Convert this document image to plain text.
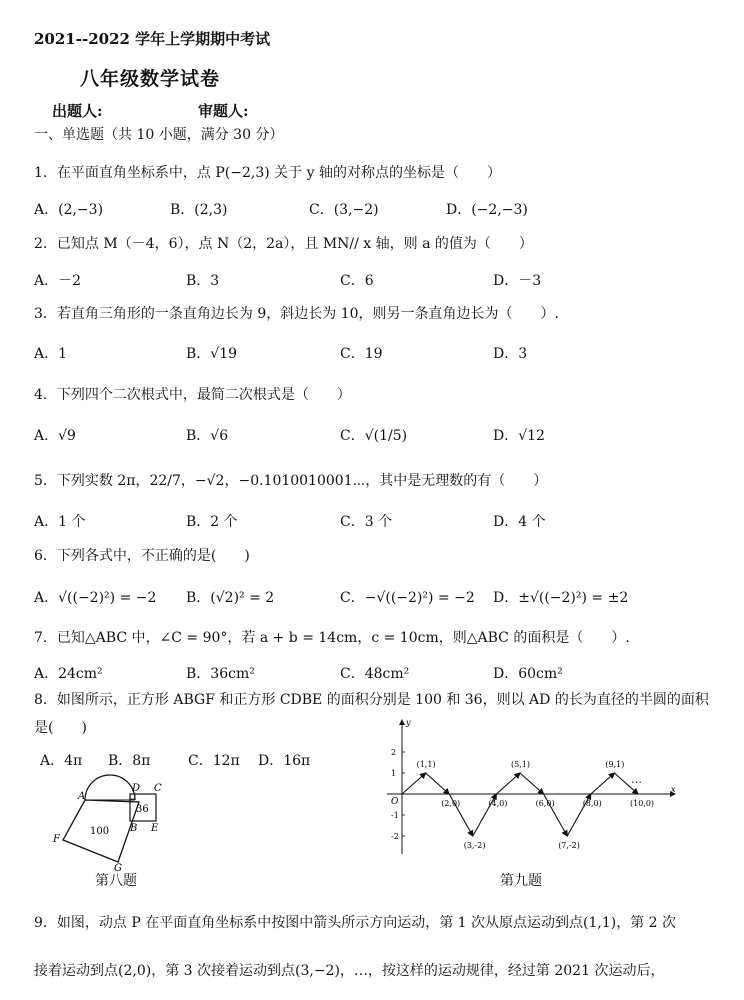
2021--2022 学年上学期期中考试
八年级数学试卷
出题人:	审题人:
一、单选题（共 10 小题，满分 30 分）
1．在平面直角坐标系中，点 P(−2,3) 关于 y 轴的对称点的坐标是（　　）
A．(2,−3)	B．(2,3)	C．(3,−2)	D．(−2,−3)
2．已知点 M（－4，6），点 N（2，2a），且 MN// x 轴，则 a 的值为（　　）
A．－2	B．3	C．6	D．－3
3．若直角三角形的一条直角边长为 9，斜边长为 10，则另一条直角边长为（　　）.
A．1	B．√19	C．19	D．3
4．下列四个二次根式中，最简二次根式是（　　）
A．√9	B．√6	C．√(1/5)	D．√12
5．下列实数 2π，22/7，−√2，−0.1010010001⋯，其中是无理数的有（　　）
A．1 个	B．2 个	C．3 个	D．4 个
6．下列各式中，不正确的是(　　)
A．√((−2)²) = −2 B．(√2)² = 2	C．−√((−2)²) = −2 D．±√((−2)²) = ±2
7．已知△ABC 中，∠C = 90°，若 a + b = 14cm，c = 10cm，则△ABC 的面积是（　　）.
A．24cm²	B．36cm²	C．48cm²	D．60cm²
8．如图所示，正方形 ABGF 和正方形 CDBE 的面积分别是 100 和 36，则以 AD 的长为直径的半圆的面积
是(　　)
A．4π B．8π	C．12π D．16π
A
D C
B E
F
G
100
36
第八题
x
y
O
2
1
-1
-2
(1,1)
(2,0)
(3,-2)
(4,0)
(5,1)
(6,0)
(7,-2)
(8,0)
(9,1)
(10,0)
…
第九题
9．如图，动点 P 在平面直角坐标系中按图中箭头所示方向运动，第 1 次从原点运动到点(1,1)，第 2 次
接着运动到点(2,0)，第 3 次接着运动到点(3,−2)，…，按这样的运动规律，经过第 2021 次运动后，
